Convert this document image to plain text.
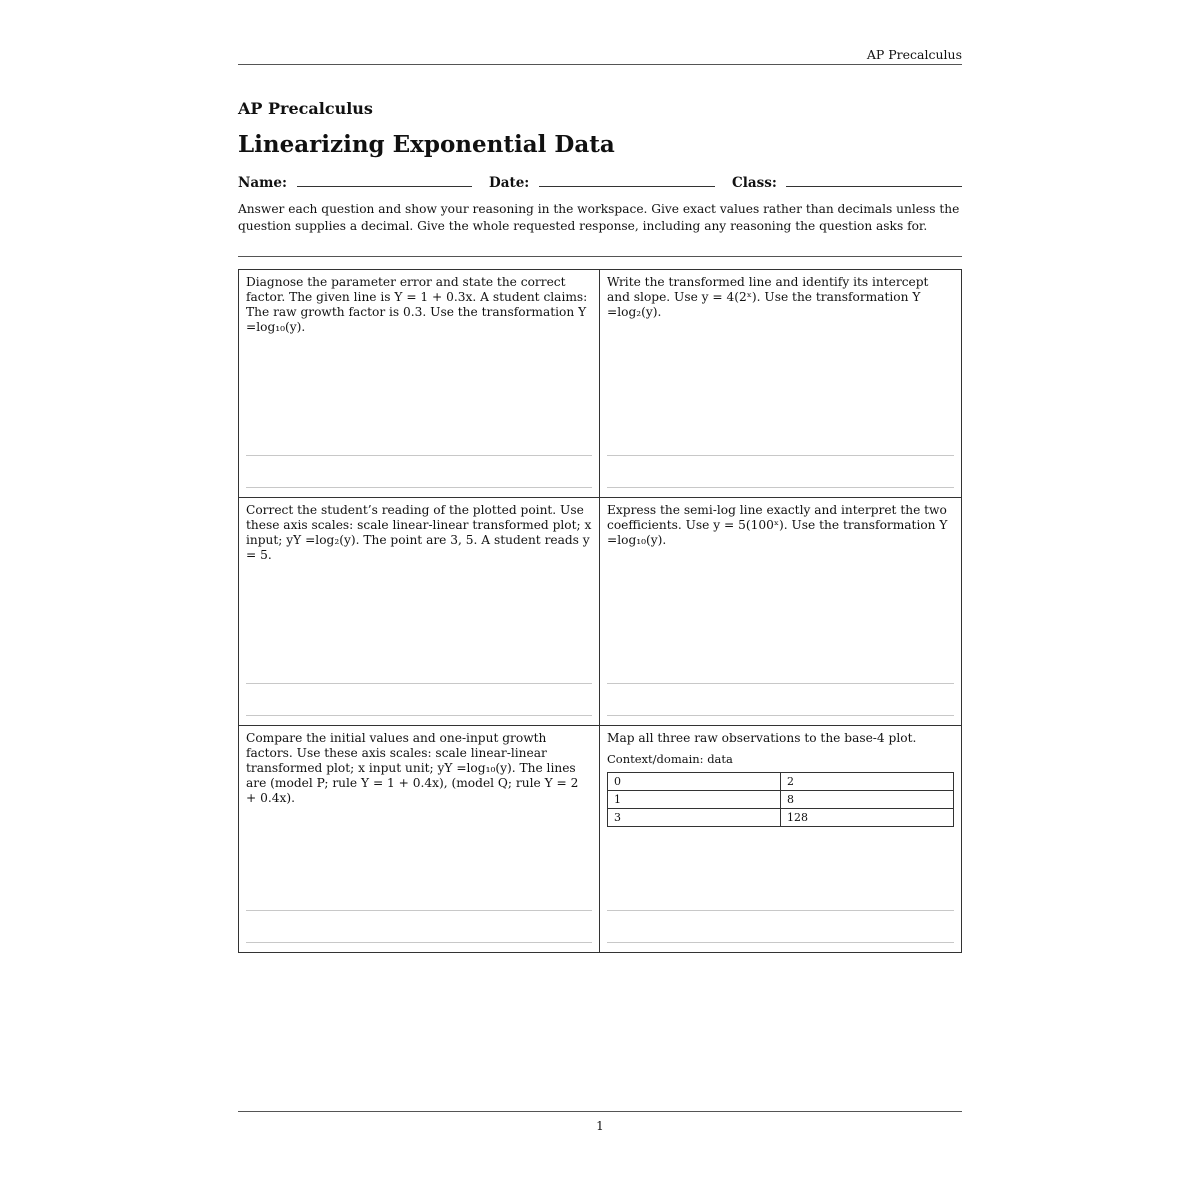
AP Precalculus
AP Precalculus
Linearizing Exponential Data
Name:	Date:	Class:

Answer each question and show your reasoning in the workspace. Give exact values rather than decimals unless the question supplies a decimal. Give the whole requested response, including any reasoning the question asks for.

Diagnose the parameter error and state the correct factor. The given line is Y = 1 + 0.3x. A student claims: The raw growth factor is 0.3. Use the transformation Y =log₁₀(y).

Write the transformed line and identify its intercept and slope. Use y = 4(2ˣ). Use the transformation Y =log₂(y).

Correct the student’s reading of the plotted point. Use these axis scales: scale linear-linear transformed plot; x input; yY =log₂(y). The point are 3, 5. A student reads y = 5.

Express the semi-log line exactly and interpret the two coefficients. Use y = 5(100ˣ). Use the transformation Y =log₁₀(y).

Compare the initial values and one-input growth factors. Use these axis scales: scale linear-linear transformed plot; x input unit; yY =log₁₀(y). The lines are (model P; rule Y = 1 + 0.4x), (model Q; rule Y = 2 + 0.4x).

Map all three raw observations to the base-4 plot.

Context/domain: data

0	2
1	8
3	128
1
